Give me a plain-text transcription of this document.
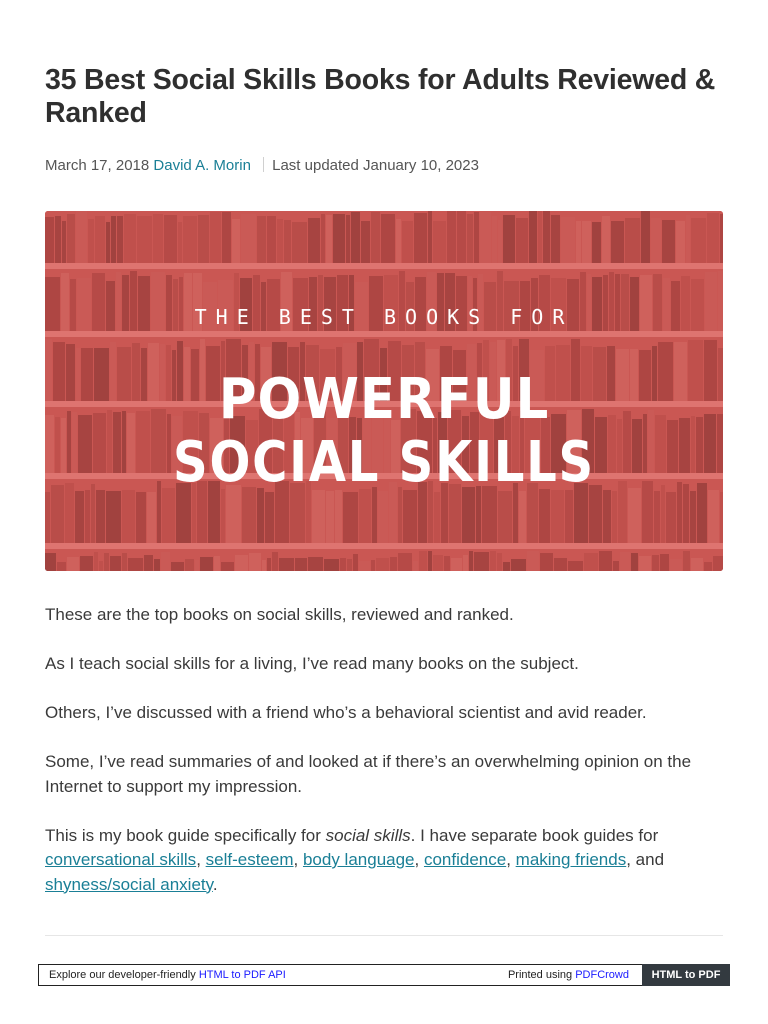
35 Best Social Skills Books for Adults Reviewed & Ranked
March 17, 2018 David A. Morin Last updated January 10, 2023
THE BEST BOOKS FOR
POWERFUL
SOCIAL SKILLS

These are the top books on social skills, reviewed and ranked.

As I teach social skills for a living, I’ve read many books on the subject.

Others, I’ve discussed with a friend who’s a behavioral scientist and avid reader.

Some, I’ve read summaries of and looked at if there’s an overwhelming opinion on the Internet to support my impression.

This is my book guide specifically for social skills. I have separate book guides for conversational skills, self-esteem, body language, confidence, making friends, and shyness/social anxiety.

Explore our developer-friendly HTML to PDF API	Printed using PDFCrowd	HTML to PDF
